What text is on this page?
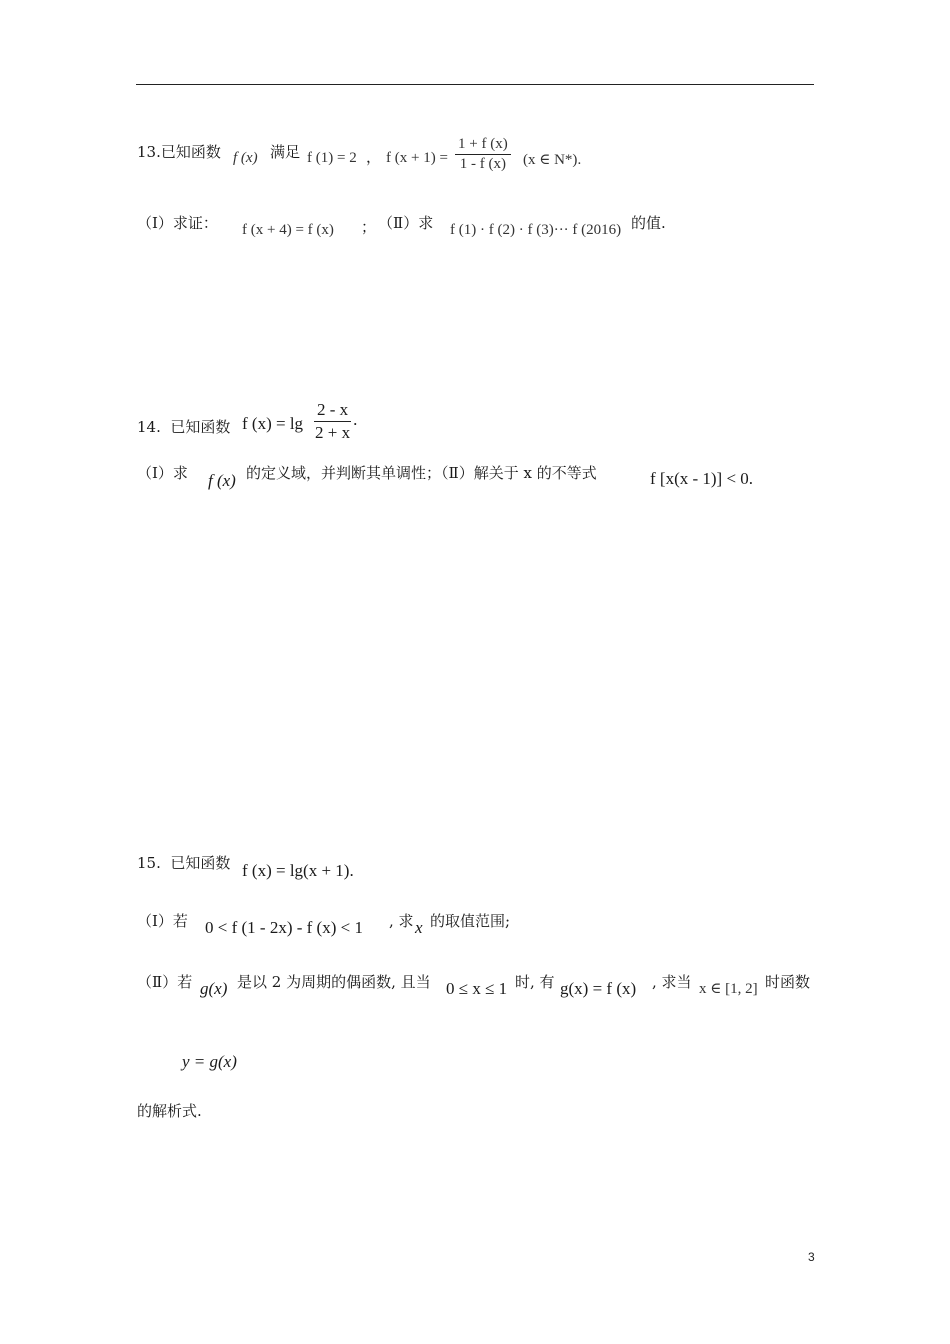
13.已知函数 f (x) 满足 f (1) = 2 ， f $(x + 1) = \frac{1 + f (x)}{1 - f (x)} (x$ ∈ N*).
（Ⅰ）求证： f (x + 4) = f (x) ； （Ⅱ）求 f (1) · f (2) · f (3)··· f (2016) 的值.
14. 已知函数 f $(x) = \lg \frac{2 - x}{2 + x}$ .
（Ⅰ）求 f (x) 的定义域，并判断其单调性；（Ⅱ）解关于 x 的不等式	f [x(x - 1)] < 0.
15. 已知函数 f (x) = lg(x + 1).
（Ⅰ）若 0 < f (1 - 2x) - f (x) < 1 , 求 x 的取值范围;
（Ⅱ）若 g(x) 是以 2 为周期的偶函数, 且当 0 ≤ x ≤ 1 时, 有 g(x) = f (x) , 求当 x ∈ [1, 2] 时函数
y = g(x)
的解析式.
3
